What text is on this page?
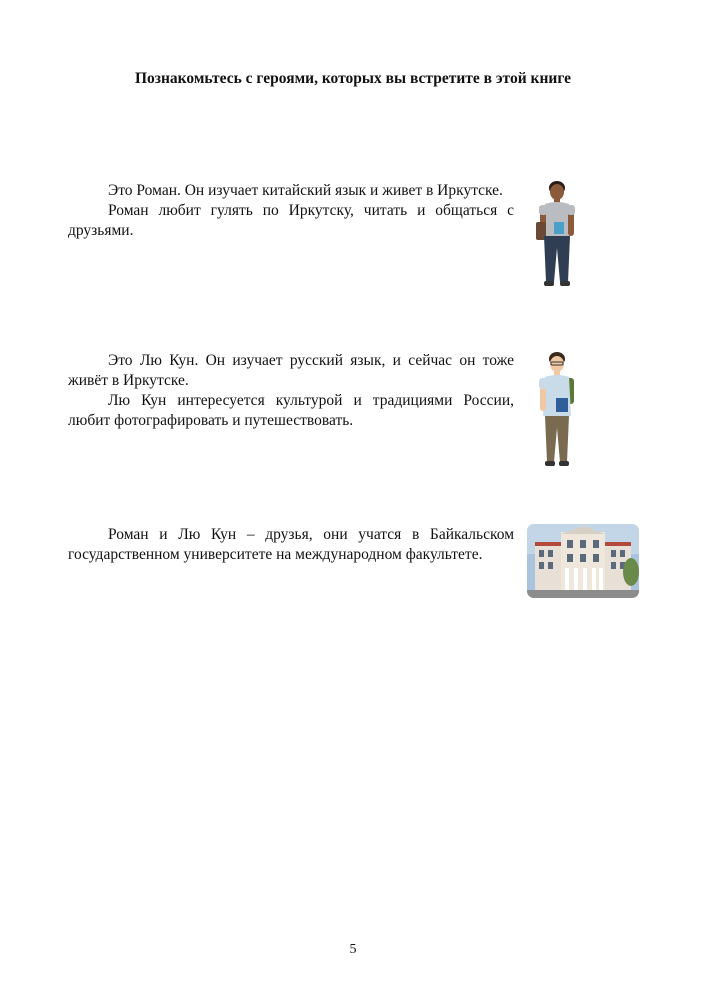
Познакомьтесь с героями, которых вы встретите в этой книге

Это Роман. Он изучает китайский язык и живет в Иркутске.

Роман любит гулять по Иркутску, читать и общаться с друзьями.

Это Лю Кун. Он изучает русский язык, и сейчас он тоже живёт в Иркутске.

Лю Кун интересуется культурой и традициями России, любит фотографировать и путешествовать.

Роман и Лю Кун – друзья, они учатся в Байкальском государственном университете на международном факультете.

5
